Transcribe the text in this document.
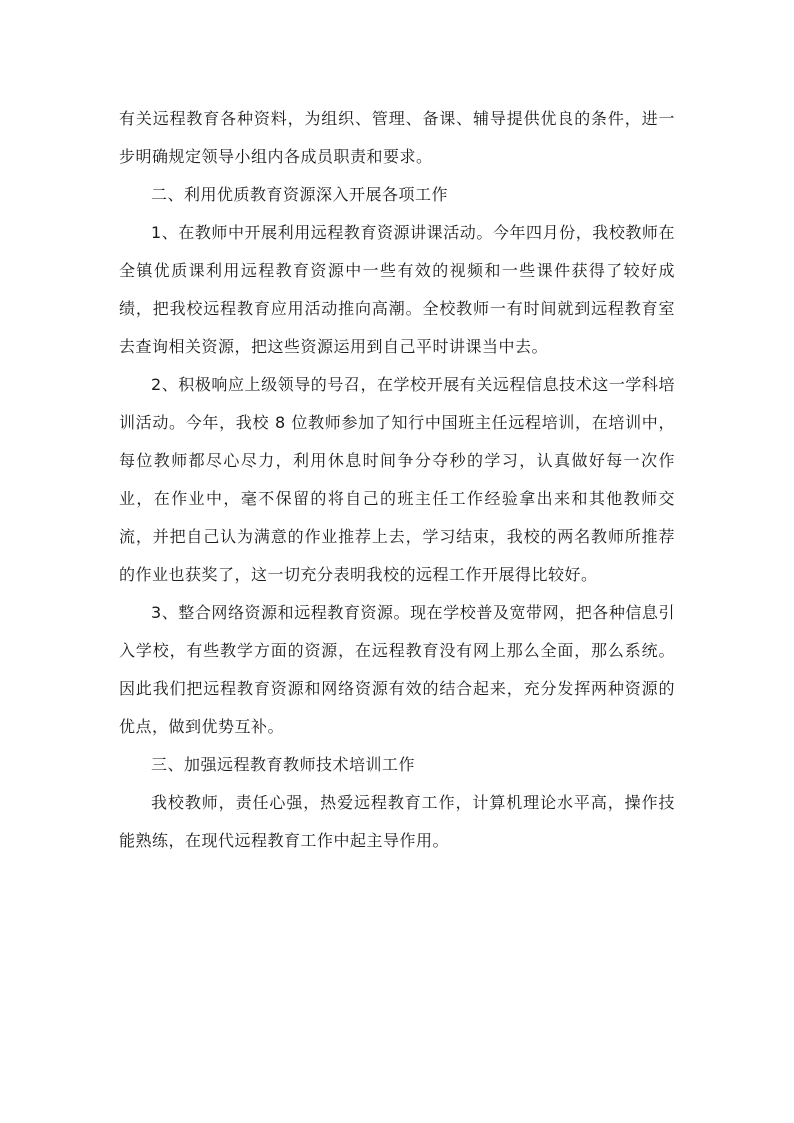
有关远程教育各种资料，为组织、管理、备课、辅导提供优良的条件，进一步明确规定领导小组内各成员职责和要求。

二、利用优质教育资源深入开展各项工作

1、在教师中开展利用远程教育资源讲课活动。今年四月份，我校教师在全镇优质课利用远程教育资源中一些有效的视频和一些课件获得了较好成绩，把我校远程教育应用活动推向高潮。全校教师一有时间就到远程教育室去查询相关资源，把这些资源运用到自己平时讲课当中去。

2、积极响应上级领导的号召，在学校开展有关远程信息技术这一学科培训活动。今年，我校 8 位教师参加了知行中国班主任远程培训，在培训中，每位教师都尽心尽力，利用休息时间争分夺秒的学习，认真做好每一次作业，在作业中，毫不保留的将自己的班主任工作经验拿出来和其他教师交流，并把自己认为满意的作业推荐上去，学习结束，我校的两名教师所推荐的作业也获奖了，这一切充分表明我校的远程工作开展得比较好。

3、整合网络资源和远程教育资源。现在学校普及宽带网，把各种信息引入学校，有些教学方面的资源，在远程教育没有网上那么全面，那么系统。因此我们把远程教育资源和网络资源有效的结合起来，充分发挥两种资源的优点，做到优势互补。

三、加强远程教育教师技术培训工作

我校教师，责任心强，热爱远程教育工作，计算机理论水平高，操作技能熟练，在现代远程教育工作中起主导作用。
